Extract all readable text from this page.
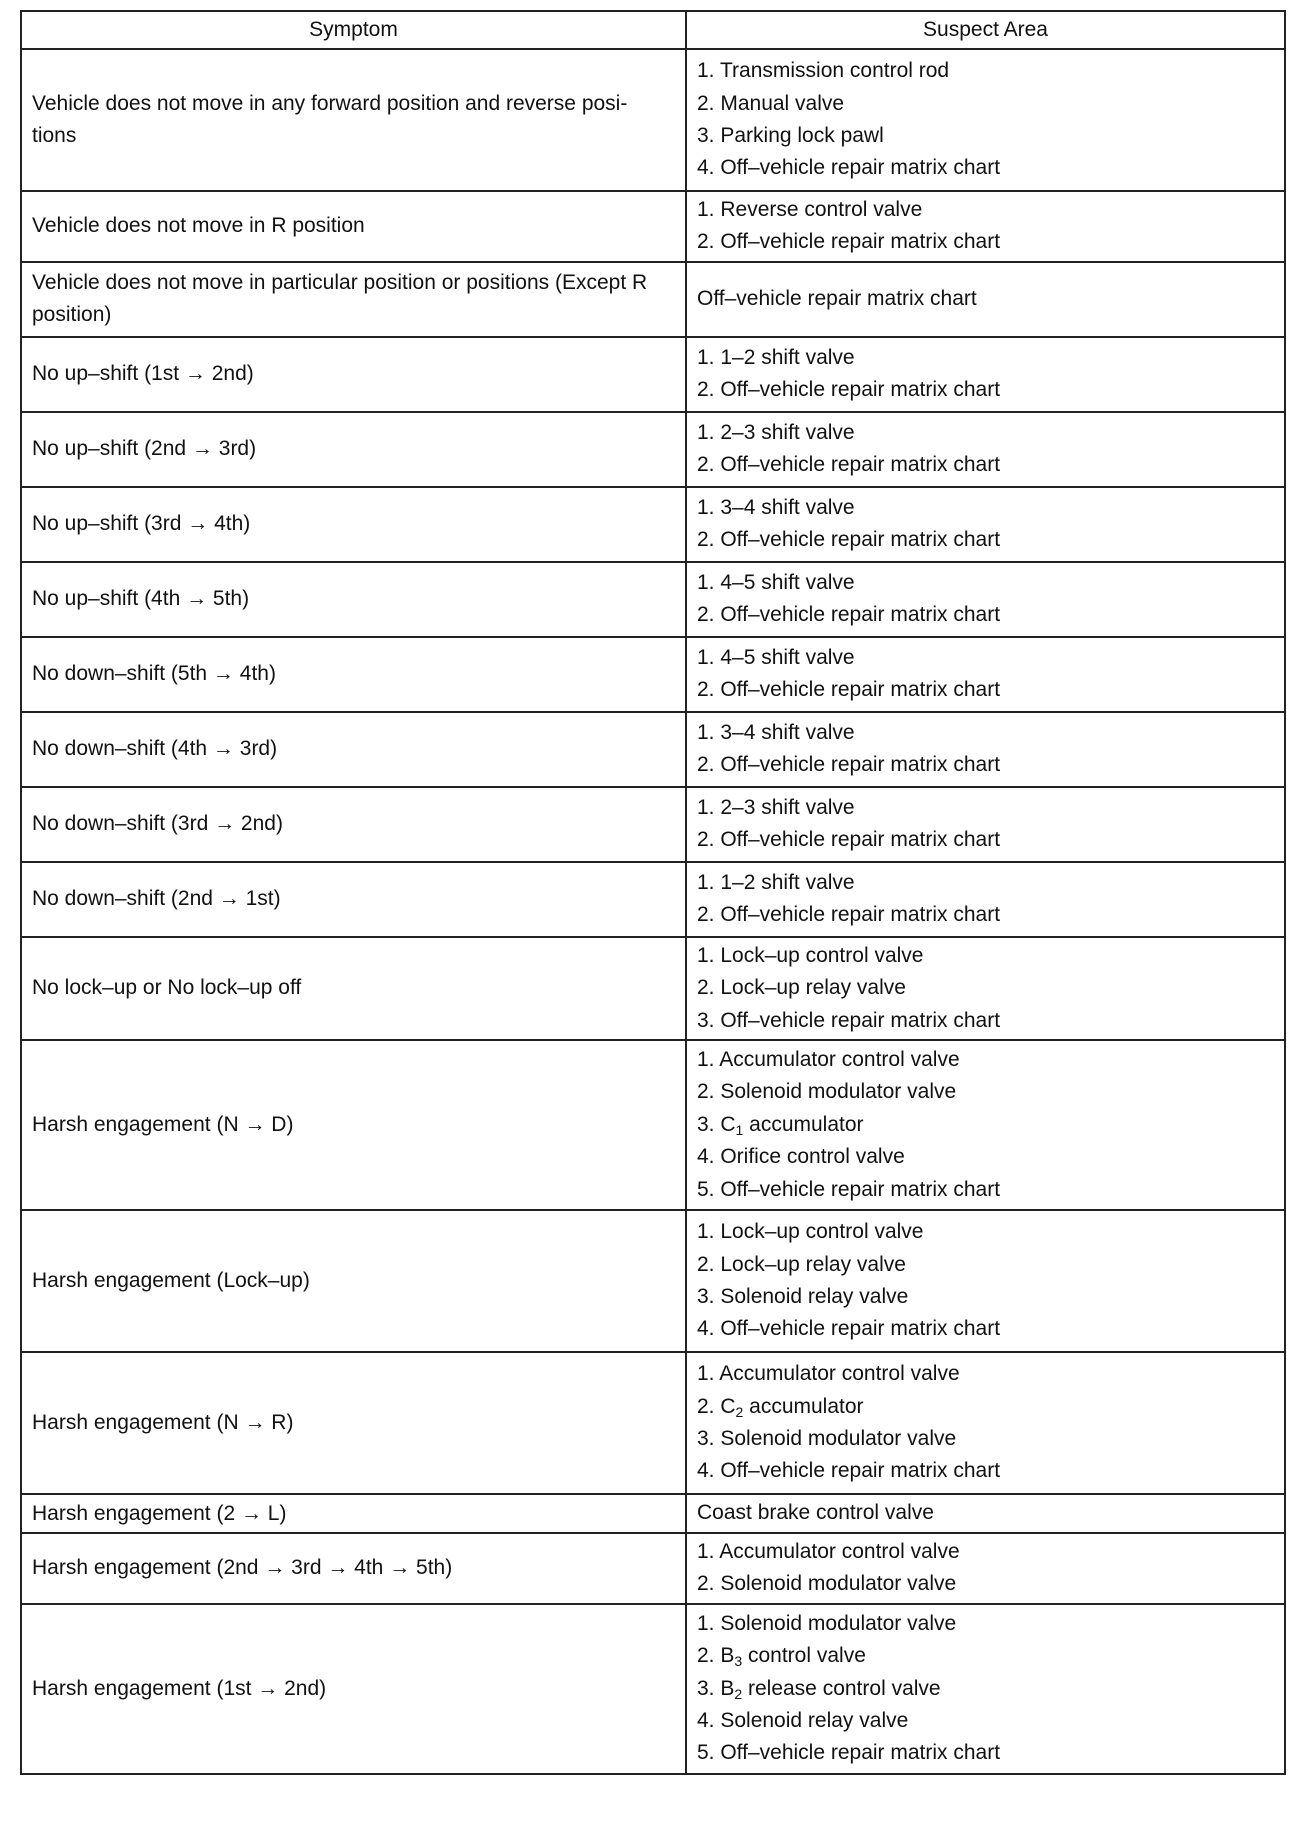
Symptom	Suspect Area
Vehicle does not move in any forward position and reverse posi- tions	1. Transmission control rod
2. Manual valve
3. Parking lock pawl
4. Off–vehicle repair matrix chart

Vehicle does not move in R position	1. Reverse control valve
2. Off–vehicle repair matrix chart

Vehicle does not move in particular position or positions (Except R position)	Off–vehicle repair matrix chart

No up–shift (1st → 2nd)	1. 1–2 shift valve
2. Off–vehicle repair matrix chart

No up–shift (2nd → 3rd)	1. 2–3 shift valve
2. Off–vehicle repair matrix chart

No up–shift (3rd → 4th)	1. 3–4 shift valve
2. Off–vehicle repair matrix chart

No up–shift (4th → 5th)	1. 4–5 shift valve
2. Off–vehicle repair matrix chart

No down–shift (5th → 4th)	1. 4–5 shift valve
2. Off–vehicle repair matrix chart

No down–shift (4th → 3rd)	1. 3–4 shift valve
2. Off–vehicle repair matrix chart

No down–shift (3rd → 2nd)	1. 2–3 shift valve
2. Off–vehicle repair matrix chart

No down–shift (2nd → 1st)	1. 1–2 shift valve
2. Off–vehicle repair matrix chart

No lock–up or No lock–up off	1. Lock–up control valve
2. Lock–up relay valve
3. Off–vehicle repair matrix chart

Harsh engagement (N → D)	1. Accumulator control valve
2. Solenoid modulator valve
3. $C_1$ accumulator
4. Orifice control valve
5. Off–vehicle repair matrix chart

Harsh engagement (Lock–up)	1. Lock–up control valve
2. Lock–up relay valve
3. Solenoid relay valve
4. Off–vehicle repair matrix chart

Harsh engagement (N → R)	1. Accumulator control valve
2. $C_2$ accumulator
3. Solenoid modulator valve
4. Off–vehicle repair matrix chart

Harsh engagement (2 → L)	Coast brake control valve

Harsh engagement (2nd → 3rd → 4th → 5th)	1. Accumulator control valve
2. Solenoid modulator valve

Harsh engagement (1st → 2nd)	1. Solenoid modulator valve
2. $B_3$ control valve
3. $B_2$ release control valve
4. Solenoid relay valve
5. Off–vehicle repair matrix chart
